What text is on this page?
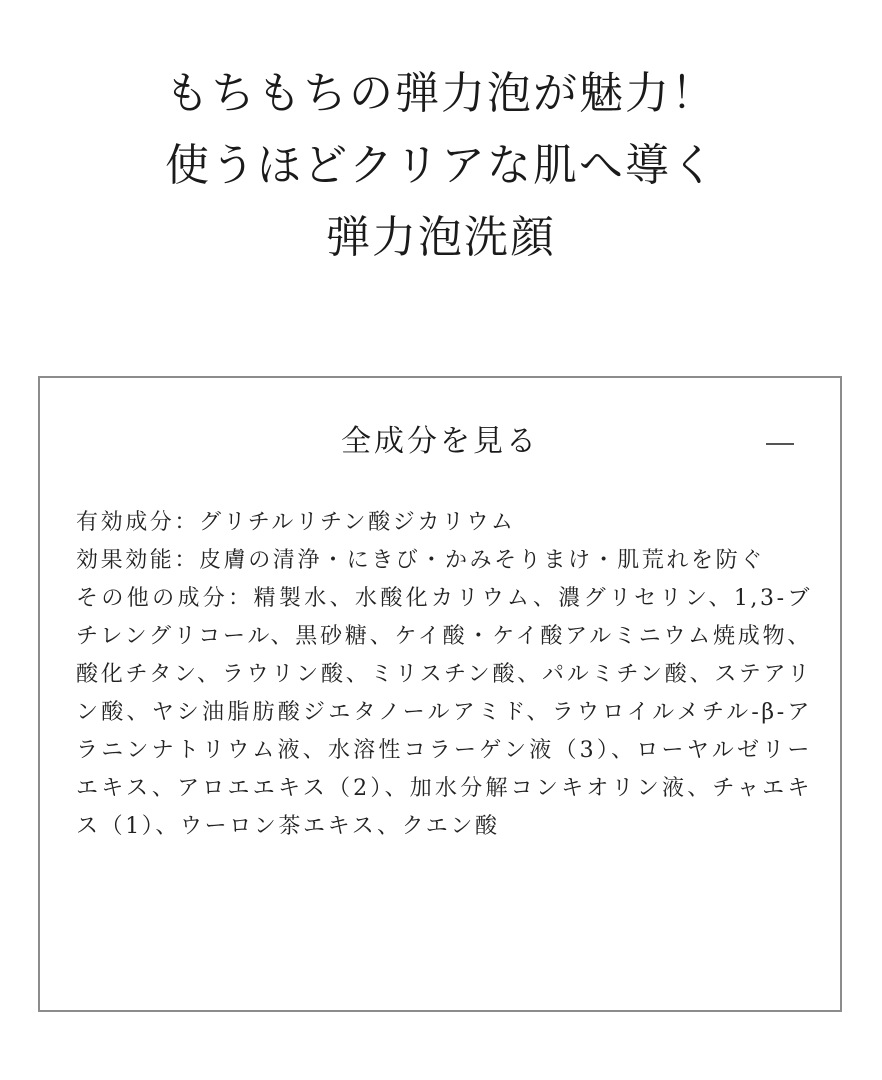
もちもちの弾力泡が魅力！
使うほどクリアな肌へ導く
弾力泡洗顔
全成分を見る

有効成分：グリチルリチン酸ジカリウム

効果効能：皮膚の清浄・にきび・かみそりまけ・肌荒れを防ぐ

その他の成分：精製水、水酸化カリウム、濃グリセリン、1,3-ブチレングリコール、黒砂糖、ケイ酸・ケイ酸アルミニウム焼成物、酸化チタン、ラウリン酸、ミリスチン酸、パルミチン酸、ステアリン酸、ヤシ油脂肪酸ジエタノールアミド、ラウロイルメチル-β-アラニンナトリウム液、水溶性コラーゲン液（3）、ローヤルゼリーエキス、アロエエキス（2）、加水分解コンキオリン液、チャエキス（1）、ウーロン茶エキス、クエン酸
